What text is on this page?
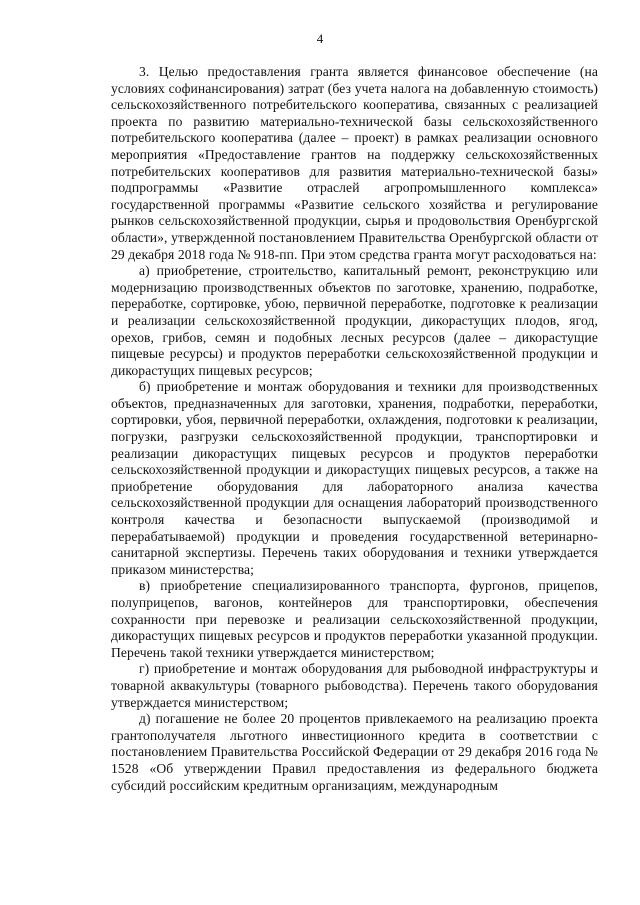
4

3. Целью предоставления гранта является финансовое обеспечение (на условиях софинансирования) затрат (без учета налога на добавленную стоимость) сельскохозяйственного потребительского кооператива, связанных с реализацией проекта по развитию материально-технической базы сельскохозяйственного потребительского кооператива (далее – проект) в рамках реализации основного мероприятия «Предоставление грантов на поддержку сельскохозяйственных потребительских кооперативов для развития материально-технической базы» подпрограммы «Развитие отраслей агропромышленного комплекса» государственной программы «Развитие сельского хозяйства и регулирование рынков сельскохозяйственной продукции, сырья и продовольствия Оренбургской области», утвержденной постановлением Правительства Оренбургской области от 29 декабря 2018 года № 918-пп. При этом средства гранта могут расходоваться на:

а) приобретение, строительство, капитальный ремонт, реконструкцию или модернизацию производственных объектов по заготовке, хранению, подработке, переработке, сортировке, убою, первичной переработке, подготовке к реализации и реализации сельскохозяйственной продукции, дикорастущих плодов, ягод, орехов, грибов, семян и подобных лесных ресурсов (далее – дикорастущие пищевые ресурсы) и продуктов переработки сельскохозяйственной продукции и дикорастущих пищевых ресурсов;

б) приобретение и монтаж оборудования и техники для производственных объектов, предназначенных для заготовки, хранения, подработки, переработки, сортировки, убоя, первичной переработки, охлаждения, подготовки к реализации, погрузки, разгрузки сельскохозяйственной продукции, транспортировки и реализации дикорастущих пищевых ресурсов и продуктов переработки сельскохозяйственной продукции и дикорастущих пищевых ресурсов, а также на приобретение оборудования для лабораторного анализа качества сельскохозяйственной продукции для оснащения лабораторий производственного контроля качества и безопасности выпускаемой (производимой и перерабатываемой) продукции и проведения государственной ветеринарно-санитарной экспертизы. Перечень таких оборудования и техники утверждается приказом министерства;

в) приобретение специализированного транспорта, фургонов, прицепов, полуприцепов, вагонов, контейнеров для транспортировки, обеспечения сохранности при перевозке и реализации сельскохозяйственной продукции, дикорастущих пищевых ресурсов и продуктов переработки указанной продукции. Перечень такой техники утверждается министерством;

г) приобретение и монтаж оборудования для рыбоводной инфраструктуры и товарной аквакультуры (товарного рыбоводства). Перечень такого оборудования утверждается министерством;

д) погашение не более 20 процентов привлекаемого на реализацию проекта грантополучателя льготного инвестиционного кредита в соответствии с постановлением Правительства Российской Федерации от 29 декабря 2016 года № 1528 «Об утверждении Правил предоставления из федерального бюджета субсидий российским кредитным организациям, международным
